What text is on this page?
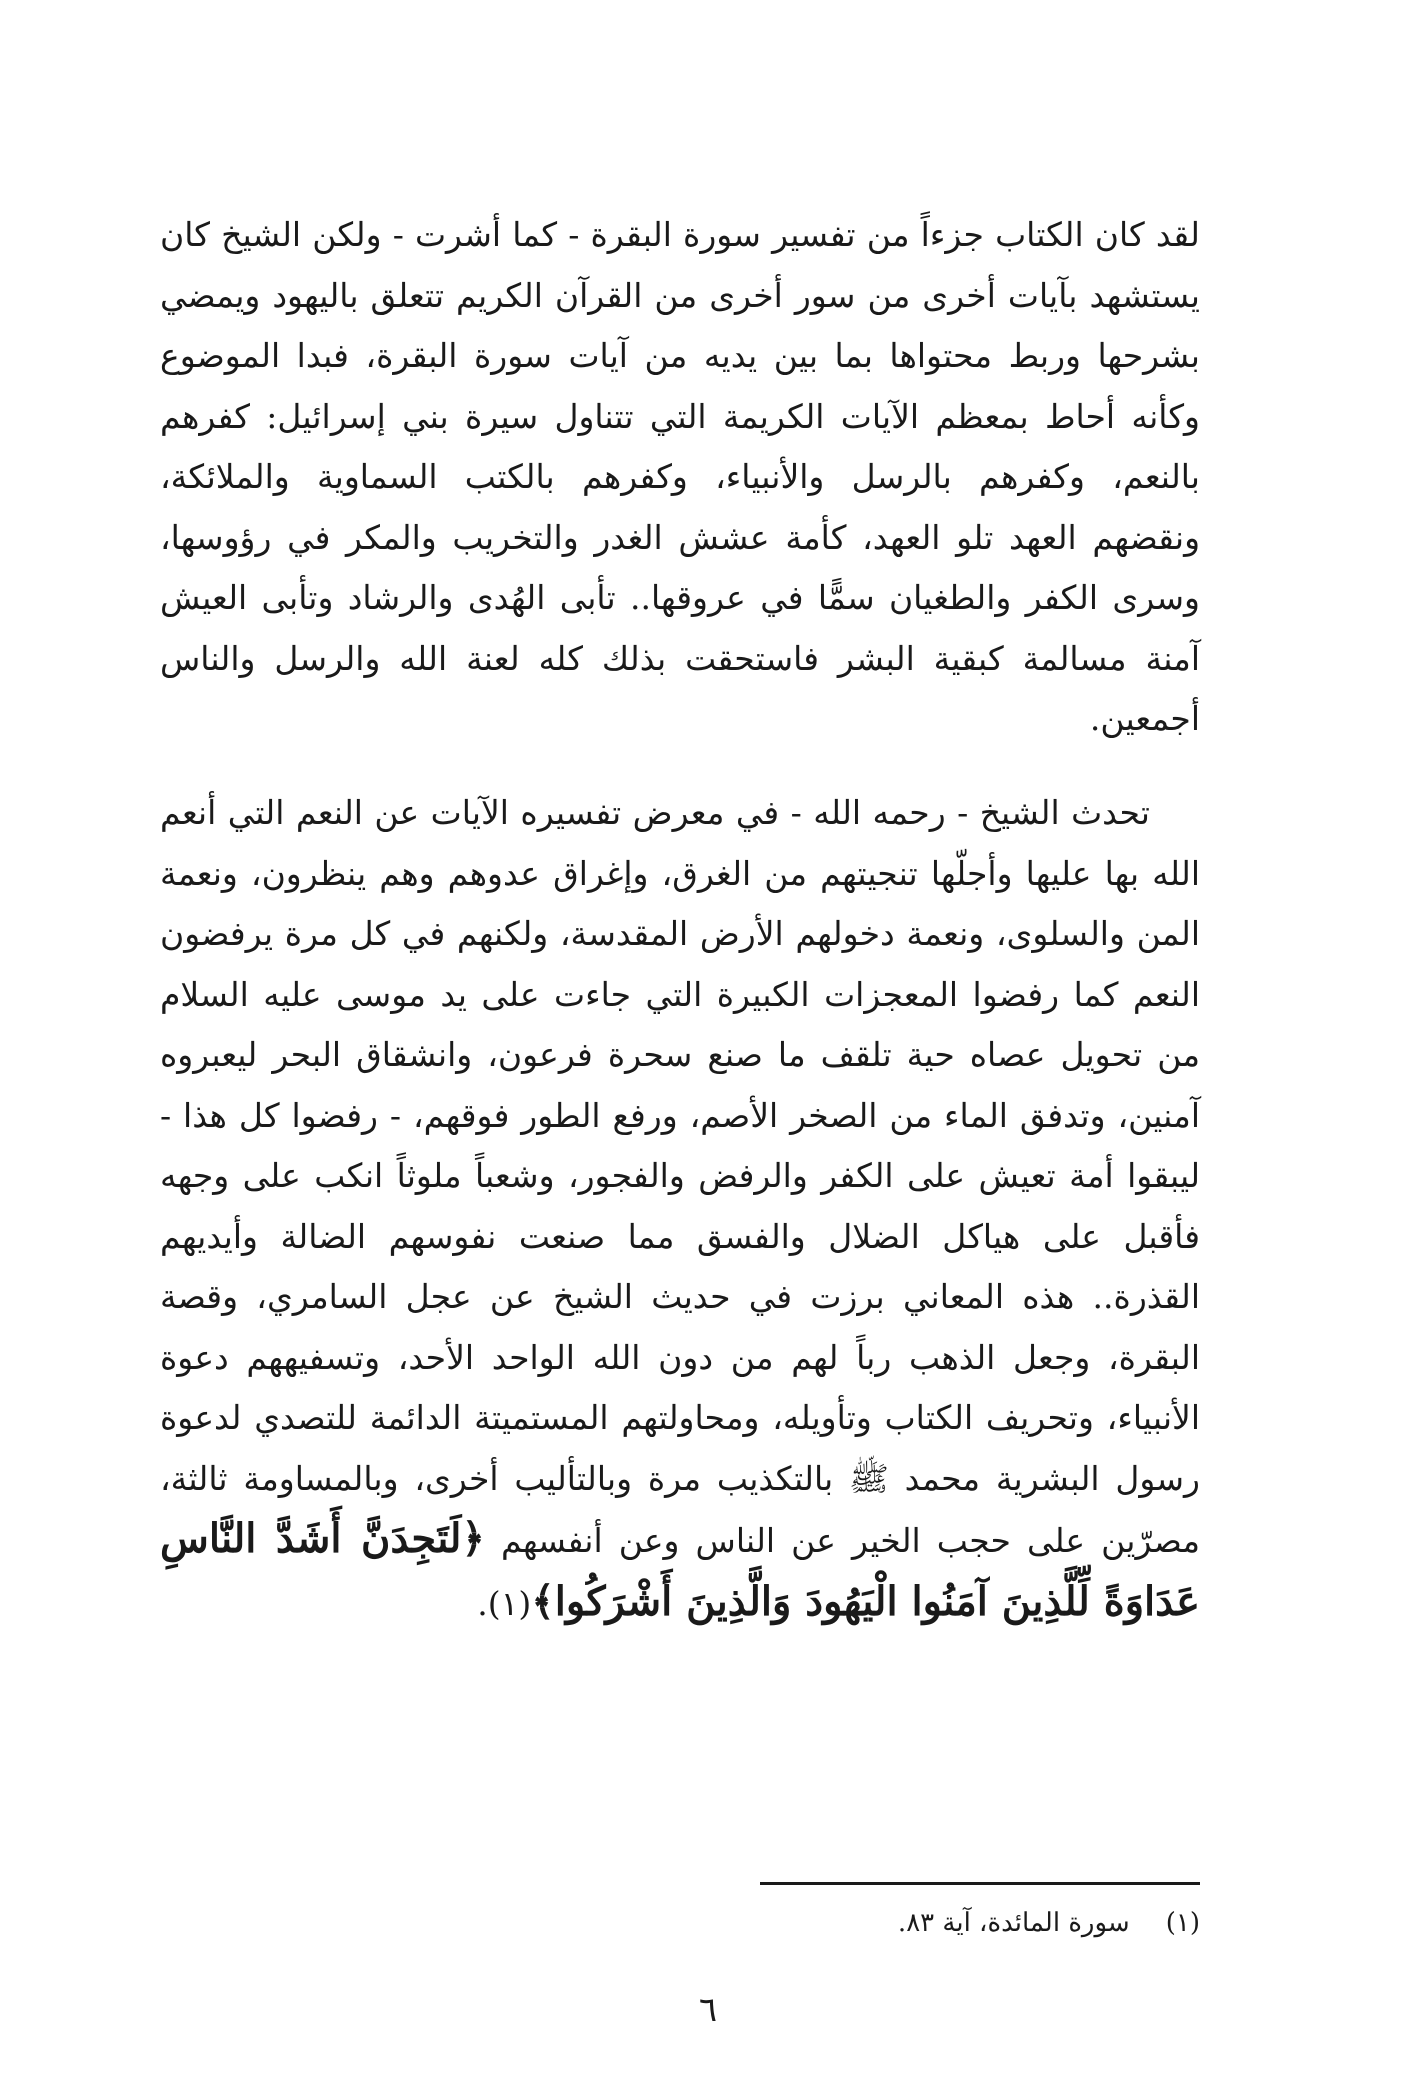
لقد كان الكتاب جزءاً من تفسير سورة البقرة - كما أشرت - ولكن الشيخ كان يستشهد بآيات أخرى من سور أخرى من القرآن الكريم تتعلق باليهود ويمضي بشرحها وربط محتواها بما بين يديه من آيات سورة البقرة، فبدا الموضوع وكأنه أحاط بمعظم الآيات الكريمة التي تتناول سيرة بني إسرائيل: كفرهم بالنعم، وكفرهم بالرسل والأنبياء، وكفرهم بالكتب السماوية والملائكة، ونقضهم العهد تلو العهد، كأمة عشش الغدر والتخريب والمكر في رؤوسها، وسرى الكفر والطغيان سمًّا في عروقها.. تأبى الهُدى والرشاد وتأبى العيش آمنة مسالمة كبقية البشر فاستحقت بذلك كله لعنة الله والرسل والناس أجمعين.

تحدث الشيخ - رحمه الله - في معرض تفسيره الآيات عن النعم التي أنعم الله بها عليها وأجلّها تنجيتهم من الغرق، وإغراق عدوهم وهم ينظرون، ونعمة المن والسلوى، ونعمة دخولهم الأرض المقدسة، ولكنهم في كل مرة يرفضون النعم كما رفضوا المعجزات الكبيرة التي جاءت على يد موسى عليه السلام من تحويل عصاه حية تلقف ما صنع سحرة فرعون، وانشقاق البحر ليعبروه آمنين، وتدفق الماء من الصخر الأصم، ورفع الطور فوقهم، - رفضوا كل هذا - ليبقوا أمة تعيش على الكفر والرفض والفجور، وشعباً ملوثاً انكب على وجهه فأقبل على هياكل الضلال والفسق مما صنعت نفوسهم الضالة وأيديهم القذرة.. هذه المعاني برزت في حديث الشيخ عن عجل السامري، وقصة البقرة، وجعل الذهب رباً لهم من دون الله الواحد الأحد، وتسفيههم دعوة الأنبياء، وتحريف الكتاب وتأويله، ومحاولتهم المستميتة الدائمة للتصدي لدعوة رسول البشرية محمد ﷺ بالتكذيب مرة وبالتأليب أخرى، وبالمساومة ثالثة، مصرّين على حجب الخير عن الناس وعن أنفسهم ﴿لَتَجِدَنَّ أَشَدَّ النَّاسِ عَدَاوَةً لِّلَّذِينَ آمَنُوا الْيَهُودَ وَالَّذِينَ أَشْرَكُوا﴾(١).

(١)سورة المائدة، آية ٨٣.
٦
